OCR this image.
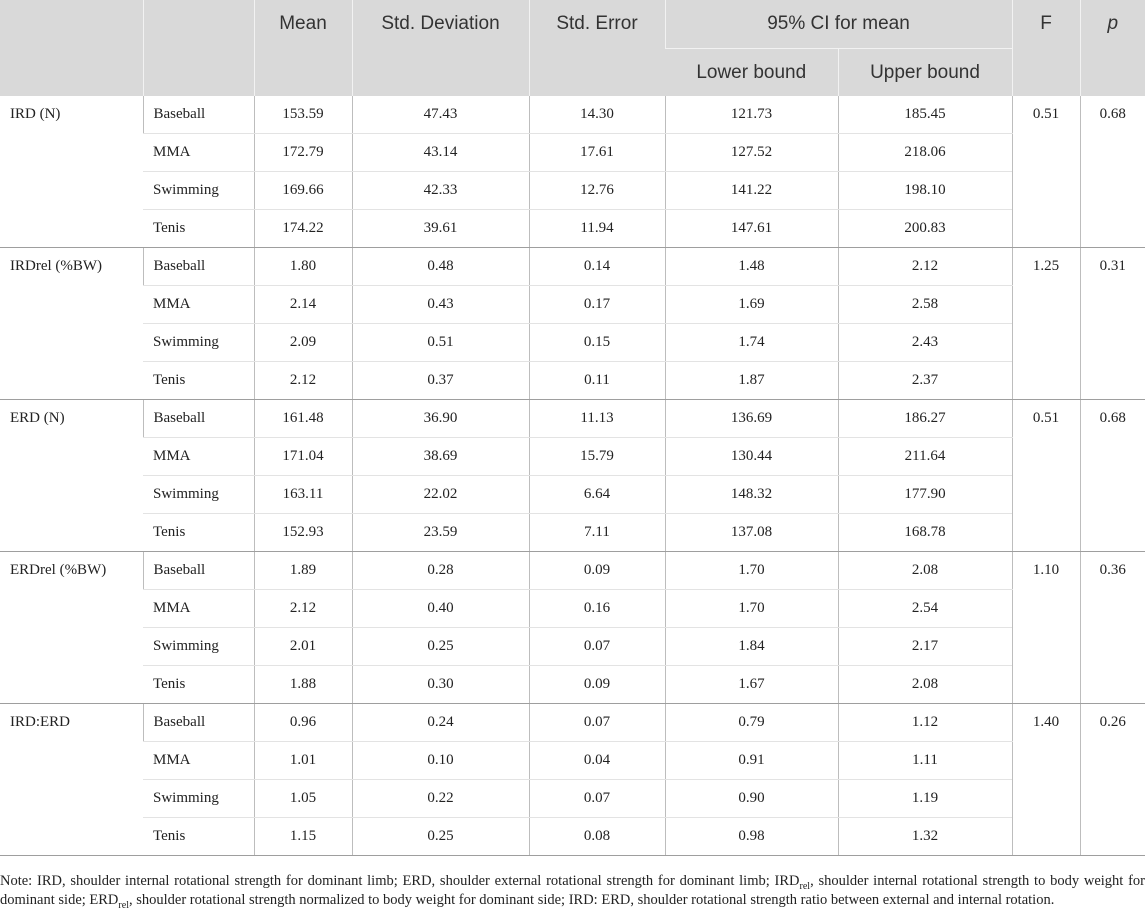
		Mean	Std. Deviation	Std. Error	95% CI for mean		F	p
					Lower bound	Upper bound		
IRD (N)	Baseball	153.59	47.43	14.30	121.73	185.45	0.51	0.68
	MMA	172.79	43.14	17.61	127.52	218.06		
	Swimming	169.66	42.33	12.76	141.22	198.10		
	Tenis	174.22	39.61	11.94	147.61	200.83		
IRDrel (%BW)	Baseball	1.80	0.48	0.14	1.48	2.12	1.25	0.31
	MMA	2.14	0.43	0.17	1.69	2.58		
	Swimming	2.09	0.51	0.15	1.74	2.43		
	Tenis	2.12	0.37	0.11	1.87	2.37		
ERD (N)	Baseball	161.48	36.90	11.13	136.69	186.27	0.51	0.68
	MMA	171.04	38.69	15.79	130.44	211.64		
	Swimming	163.11	22.02	6.64	148.32	177.90		
	Tenis	152.93	23.59	7.11	137.08	168.78		
ERDrel (%BW)	Baseball	1.89	0.28	0.09	1.70	2.08	1.10	0.36
	MMA	2.12	0.40	0.16	1.70	2.54		
	Swimming	2.01	0.25	0.07	1.84	2.17		
	Tenis	1.88	0.30	0.09	1.67	2.08		
IRD:ERD	Baseball	0.96	0.24	0.07	0.79	1.12	1.40	0.26
	MMA	1.01	0.10	0.04	0.91	1.11		
	Swimming	1.05	0.22	0.07	0.90	1.19		
	Tenis	1.15	0.25	0.08	0.98	1.32		

Note: IRD, shoulder internal rotational strength for dominant limb; ERD, shoulder external rotational strength for dominant limb; $IRD_{rel}$, shoulder internal rotational strength to body weight for dominant side; $ERD_{rel}$, shoulder rotational strength normalized to body weight for dominant side; IRD: ERD, shoulder rotational strength ratio between external and internal rotation.
